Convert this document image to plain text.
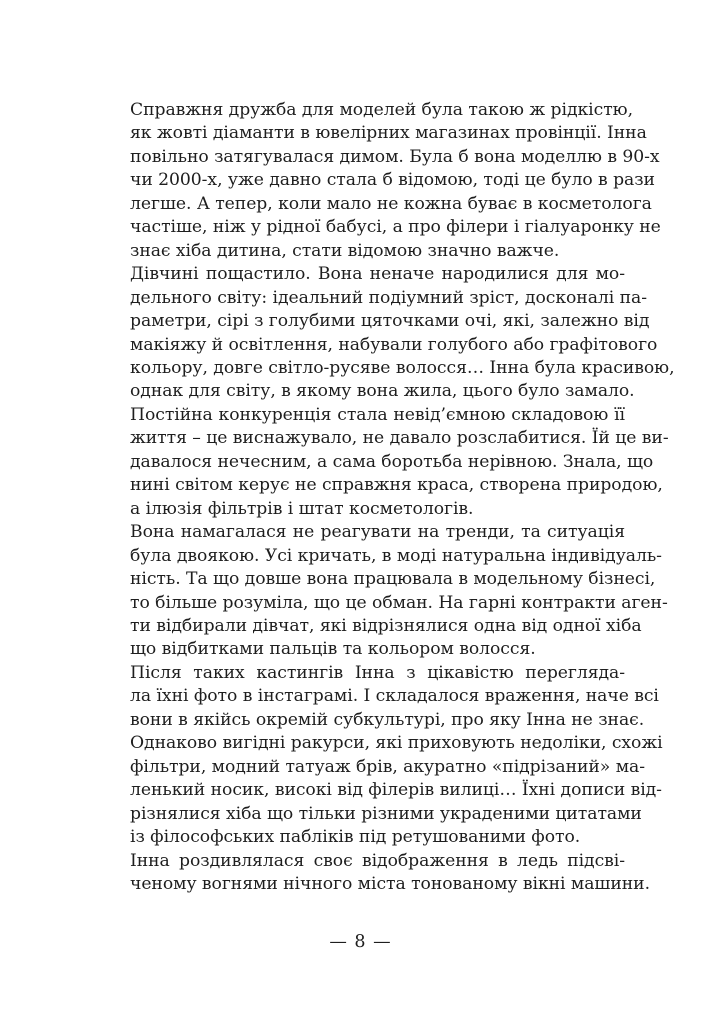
Справжня дружба для моделей була такою ж рідкістю,
як жовті діаманти в ювелірних магазинах провінції. Інна
повільно затягувалася димом. Була б вона моделлю в 90-х
чи 2000-х, уже давно стала б відомою, тоді це було в рази
легше. А тепер, коли мало не кожна буває в косметолога
частіше, ніж у рідної бабусі, а про філери і гіалуаронку не
знає хіба дитина, стати відомою значно важче.

Дівчині пощастило. Вона неначе народилися для мо-
дельного світу: ідеальний подіумний зріст, досконалі па-
раметри, сірі з голубими цяточками очі, які, залежно від
макіяжу й освітлення, набували голубого або графітового
кольору, довге світло-русяве волосся… Інна була красивою,
однак для світу, в якому вона жила, цього було замало.

Постійна конкуренція стала невід’ємною складовою її
життя – це виснажувало, не давало розслабитися. Їй це ви-
давалося нечесним, а сама боротьба нерівною. Знала, що
нині світом керує не справжня краса, створена природою,
а ілюзія фільтрів і штат косметологів.

Вона намагалася не реагувати на тренди, та ситуація
була двоякою. Усі кричать, в моді натуральна індивідуаль-
ність. Та що довше вона працювала в модельному бізнесі,
то більше розуміла, що це обман. На гарні контракти аген-
ти відбирали дівчат, які відрізнялися одна від одної хіба
що відбитками пальців та кольором волосся.

Після таких кастингів Інна з цікавістю переглядa-
ла їхні фото в інстаграмі. І складалося враження, наче всі
вони в якійсь окремій субкультурі, про яку Інна не знає.
Однаково вигідні ракурси, які приховують недоліки, схожі
фільтри, модний татуаж брів, акуратно «підрізаний» ма-
ленький носик, високі від філерів вилиці… Їхні дописи від-
різнялися хіба що тільки різними украденими цитатами
із філософських пабліків під ретушованими фото.

Інна роздивлялася своє відображення в ледь підсві-
ченому вогнями нічного міста тонованому вікні машини.

— 8 —
